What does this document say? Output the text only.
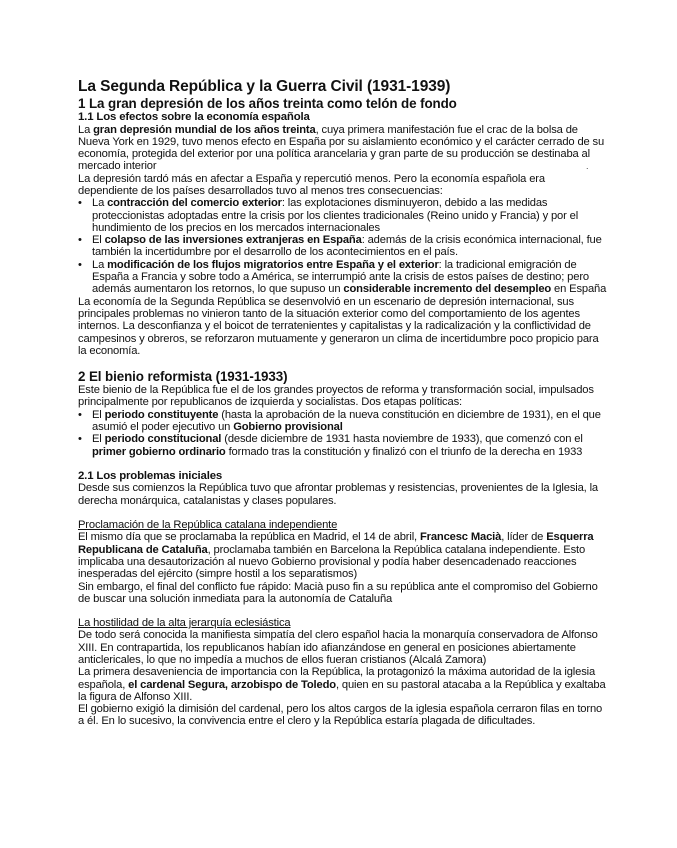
.
La Segunda República y la Guerra Civil (1931-1939)
1 La gran depresión de los años treinta como telón de fondo
1.1 Los efectos sobre la economía española

La gran depresión mundial de los años treinta, cuya primera manifestación fue el crac de la bolsa de Nueva York en 1929, tuvo menos efecto en España por su aislamiento económico y el carácter cerrado de su economía, protegida del exterior por una política arancelaria y gran parte de su producción se destinaba al mercado interior

La depresión tardó más en afectar a España y repercutió menos. Pero la economía española era dependiente de los países desarrollados tuvo al menos tres consecuencias:

• La contracción del comercio exterior: las explotaciones disminuyeron, debido a las medidas proteccionistas adoptadas entre la crisis por los clientes tradicionales (Reino unido y Francia) y por el hundimiento de los precios en los mercados internacionales
• El colapso de las inversiones extranjeras en España: además de la crisis económica internacional, fue también la incertidumbre por el desarrollo de los acontecimientos en el país.
• La modificación de los flujos migratorios entre España y el exterior: la tradicional emigración de España a Francia y sobre todo a América, se interrumpió ante la crisis de estos países de destino; pero además aumentaron los retornos, lo que supuso un considerable incremento del desempleo en España

La economía de la Segunda República se desenvolvió en un escenario de depresión internacional, sus principales problemas no vinieron tanto de la situación exterior como del comportamiento de los agentes internos. La desconfianza y el boicot de terratenientes y capitalistas y la radicalización y la conflictividad de campesinos y obreros, se reforzaron mutuamente y generaron un clima de incertidumbre poco propicio para la economía.

2 El bienio reformista (1931-1933)

Este bienio de la República fue el de los grandes proyectos de reforma y transformación social, impulsados principalmente por republicanos de izquierda y socialistas. Dos etapas políticas:

• El periodo constituyente (hasta la aprobación de la nueva constitución en diciembre de 1931), en el que asumió el poder ejecutivo un Gobierno provisional
• El periodo constitucional (desde diciembre de 1931 hasta noviembre de 1933), que comenzó con el primer gobierno ordinario formado tras la constitución y finalizó con el triunfo de la derecha en 1933
2.1 Los problemas iniciales

Desde sus comienzos la República tuvo que afrontar problemas y resistencias, provenientes de la Iglesia, la derecha monárquica, catalanistas y clases populares.

Proclamación de la República catalana independiente

El mismo día que se proclamaba la república en Madrid, el 14 de abril, Francesc Macià, líder de Esquerra Republicana de Cataluña, proclamaba también en Barcelona la República catalana independiente. Esto implicaba una desautorización al nuevo Gobierno provisional y podía haber desencadenado reacciones inesperadas del ejército (simpre hostil a los separatismos)

Sin embargo, el final del conflicto fue rápido: Macià puso fin a su república ante el compromiso del Gobierno de buscar una solución inmediata para la autonomía de Cataluña

La hostilidad de la alta jerarquía eclesiástica

De todo será conocida la manifiesta simpatía del clero español hacia la monarquía conservadora de Alfonso XIII. En contrapartida, los republicanos habían ido afianzándose en general en posiciones abiertamente anticlericales, lo que no impedía a muchos de ellos fueran cristianos (Alcalá Zamora)

La primera desaveniencia de importancia con la República, la protagonizó la máxima autoridad de la iglesia española, el cardenal Segura, arzobispo de Toledo, quien en su pastoral atacaba a la República y exaltaba la figura de Alfonso XIII.

El gobierno exigió la dimisión del cardenal, pero los altos cargos de la iglesia española cerraron filas en torno a él. En lo sucesivo, la convivencia entre el clero y la República estaría plagada de dificultades.
